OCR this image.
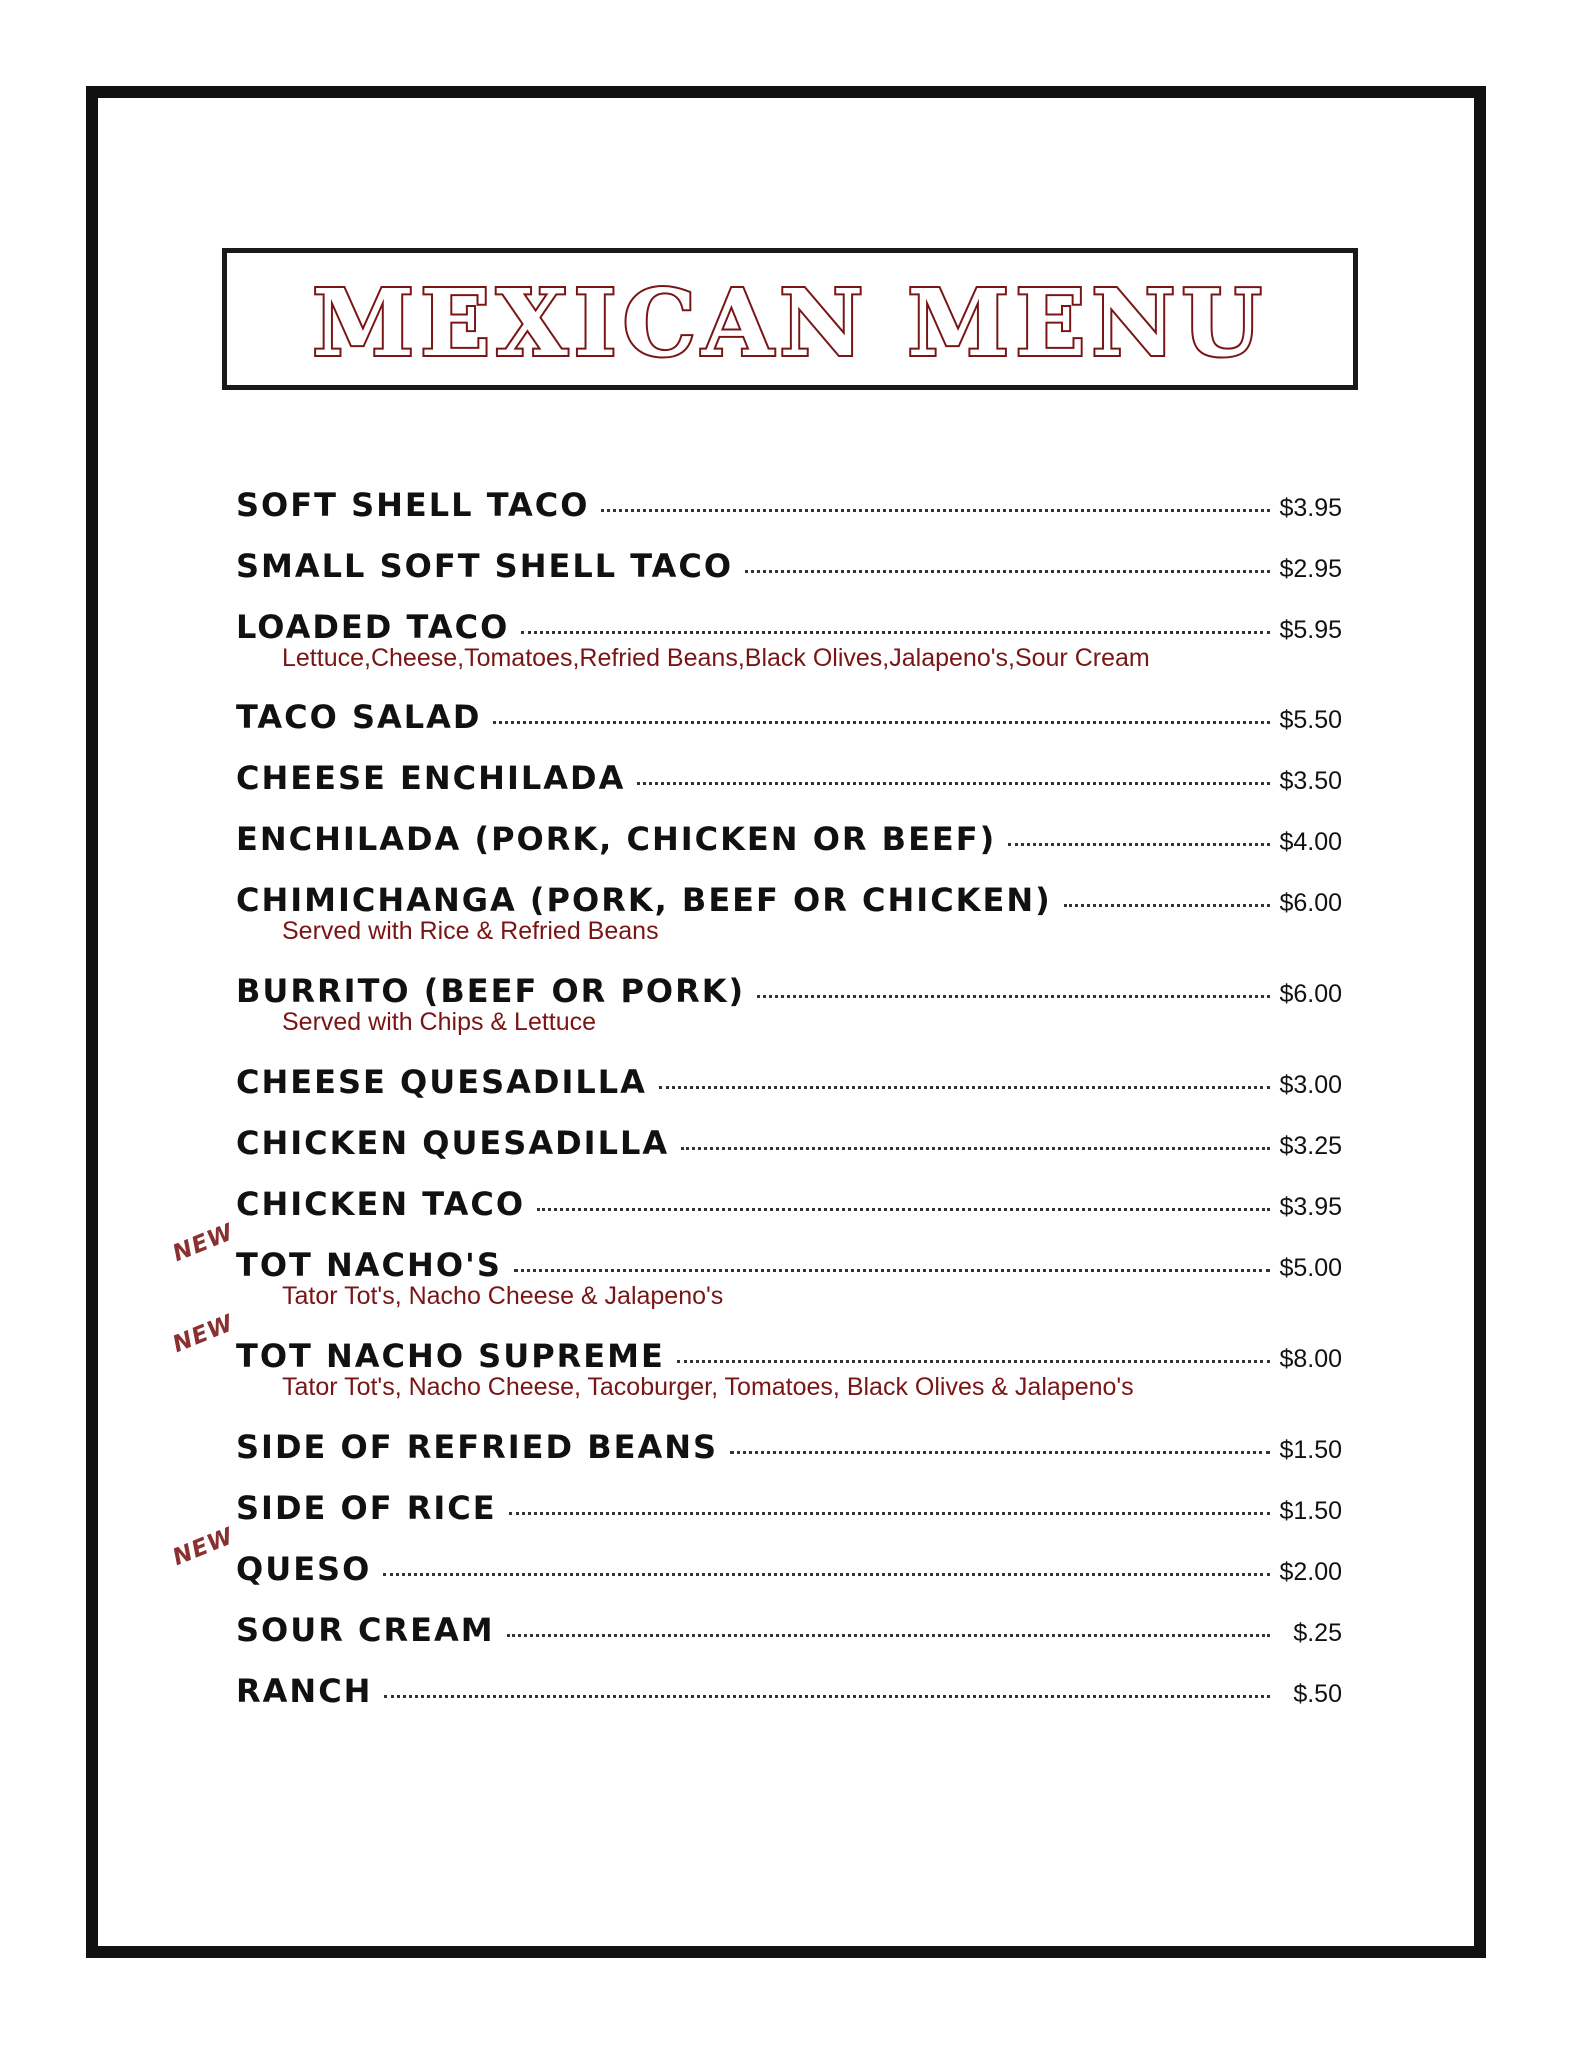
MEXICAN MENU
SOFT SHELL TACO	$3.95
SMALL SOFT SHELL TACO	$2.95
LOADED TACO	$5.95
Lettuce,Cheese,Tomatoes,Refried Beans,Black Olives,Jalapeno's,Sour Cream
TACO SALAD	$5.50
CHEESE ENCHILADA	$3.50
ENCHILADA (PORK, CHICKEN OR BEEF)	$4.00
CHIMICHANGA (PORK, BEEF OR CHICKEN)	$6.00
Served with Rice & Refried Beans
BURRITO (BEEF OR PORK)	$6.00
Served with Chips & Lettuce
CHEESE QUESADILLA	$3.00
CHICKEN QUESADILLA	$3.25
CHICKEN TACO	$3.95
NEW
TOT NACHO'S	$5.00
Tator Tot's, Nacho Cheese & Jalapeno's
NEW
TOT NACHO SUPREME	$8.00
Tator Tot's, Nacho Cheese, Tacoburger, Tomatoes, Black Olives & Jalapeno's
SIDE OF REFRIED BEANS	$1.50
SIDE OF RICE	$1.50
NEW
QUESO	$2.00
SOUR CREAM	$.25
RANCH	$.50
